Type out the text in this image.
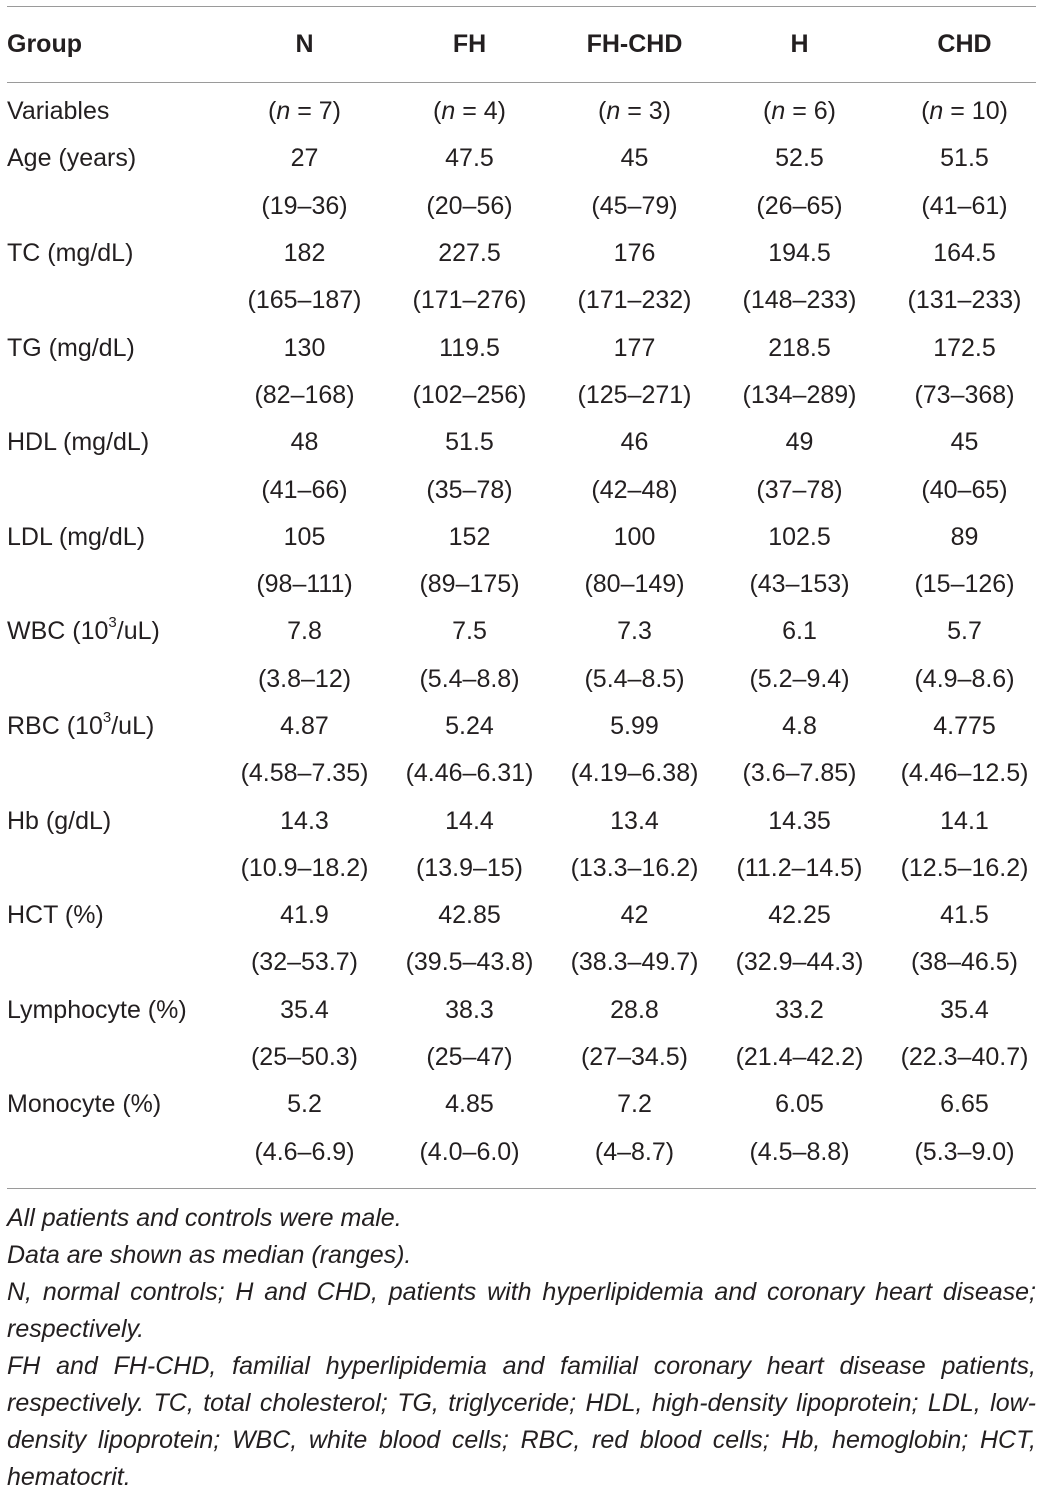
Group	N	FH	FH-CHD	H	CHD

Variables	(n = 7)	(n = 4)	(n = 3)	(n = 6)	(n = 10)
Age (years)	27	47.5	45	52.5	51.5
	(19–36)	(20–56)	(45–79)	(26–65)	(41–61)
TC (mg/dL)	182	227.5	176	194.5	164.5
	(165–187)	(171–276)	(171–232)	(148–233)	(131–233)
TG (mg/dL)	130	119.5	177	218.5	172.5
	(82–168)	(102–256)	(125–271)	(134–289)	(73–368)
HDL (mg/dL)	48	51.5	46	49	45
	(41–66)	(35–78)	(42–48)	(37–78)	(40–65)
LDL (mg/dL)	105	152	100	102.5	89
	(98–111)	(89–175)	(80–149)	(43–153)	(15–126)
WBC $(10^3/uL)$	7.8	7.5	7.3	6.1	5.7
	(3.8–12)	(5.4–8.8)	(5.4–8.5)	(5.2–9.4)	(4.9–8.6)
RBC $(10^3/uL)$	4.87	5.24	5.99	4.8	4.775
	(4.58–7.35)	(4.46–6.31)	(4.19–6.38)	(3.6–7.85)	(4.46–12.5)
Hb (g/dL)	14.3	14.4	13.4	14.35	14.1
	(10.9–18.2)	(13.9–15)	(13.3–16.2)	(11.2–14.5)	(12.5–16.2)
HCT (%)	41.9	42.85	42	42.25	41.5
	(32–53.7)	(39.5–43.8)	(38.3–49.7)	(32.9–44.3)	(38–46.5)
Lymphocyte (%)	35.4	38.3	28.8	33.2	35.4
	(25–50.3)	(25–47)	(27–34.5)	(21.4–42.2)	(22.3–40.7)
Monocyte (%)	5.2	4.85	7.2	6.05	6.65
	(4.6–6.9)	(4.0–6.0)	(4–8.7)	(4.5–8.8)	(5.3–9.0)

All patients and controls were male.

Data are shown as median (ranges).

N, normal controls; H and CHD, patients with hyperlipidemia and coronary heart disease; respectively.

FH and FH-CHD, familial hyperlipidemia and familial coronary heart disease patients, respectively. TC, total cholesterol; TG, triglyceride; HDL, high-density lipoprotein; LDL, low-density lipoprotein; WBC, white blood cells; RBC, red blood cells; Hb, hemoglobin; HCT, hematocrit.
